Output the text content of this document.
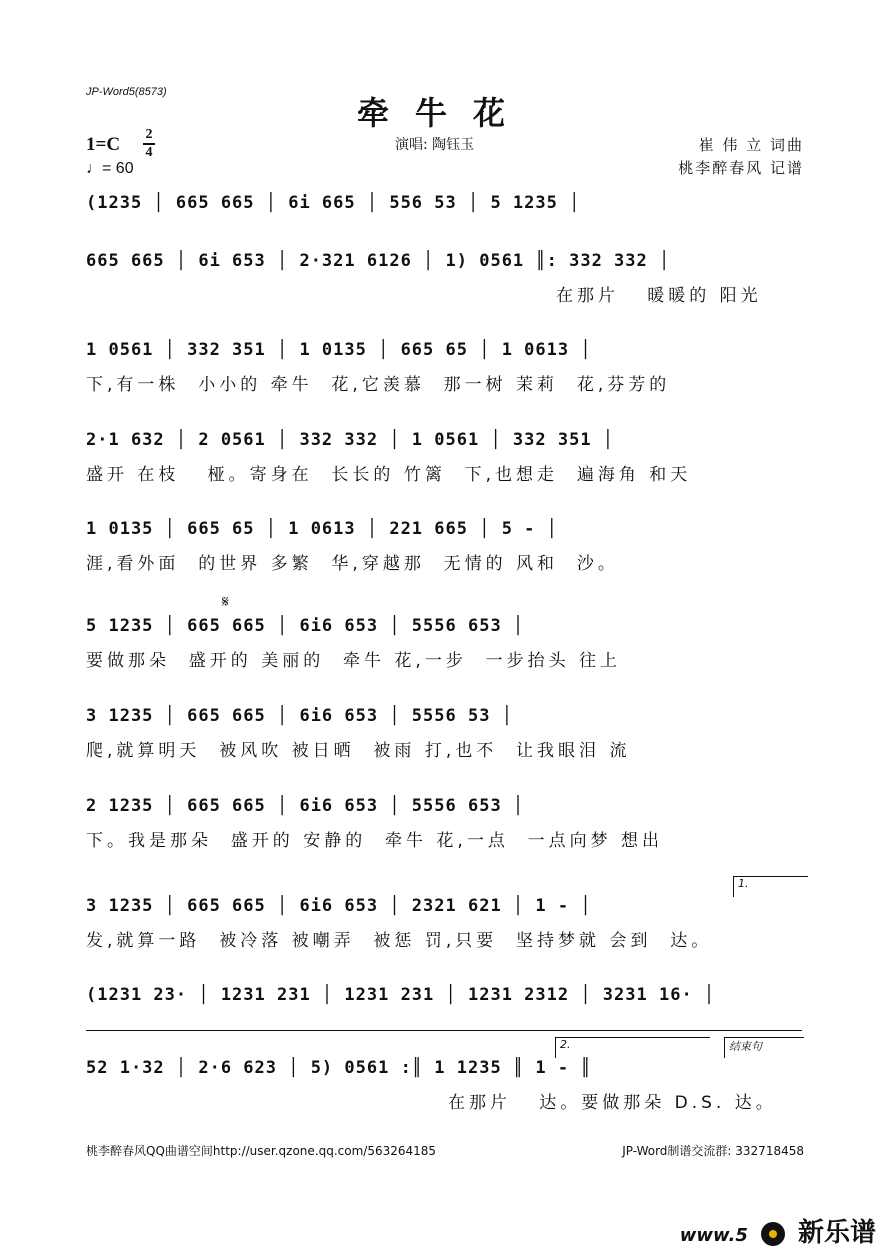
JP-Word5(8573)
牵牛花
1=C 2
4
♩= 60
演唱: 陶钰玉	崔 伟 立 词曲
桃李醉春风 记谱
(1235 │ 665 665 │ 6i 665 │ 556 53 │ 5 1235 │
665 665 │ 6i 653 │ 2·321 6126 │ 1) 0561 ║: 332 332 │
在那片   暖暖的 阳光
1 0561 │ 332 351 │ 1 0135 │ 665 65 │ 1 0613 │
下,有一株  小小的 牵牛  花,它羡慕  那一树 茉莉  花,芬芳的
2·1 632 │ 2 0561 │ 332 332 │ 1 0561 │ 332 351 │
盛开 在枝   桠。寄身在  长长的 竹篱  下,也想走  遍海角 和天
1 0135 │ 665 65 │ 1 0613 │ 221 665 │ 5 - │
涯,看外面  的世界 多繁  华,穿越那  无情的 风和  沙。
𝄋
5 1235 │ 665 665 │ 6i6 653 │ 5556 653 │
要做那朵  盛开的 美丽的  牵牛 花,一步  一步抬头 往上
3 1235 │ 665 665 │ 6i6 653 │ 5556 53 │
爬,就算明天  被风吹 被日晒  被雨 打,也不  让我眼泪 流
2 1235 │ 665 665 │ 6i6 653 │ 5556 653 │
下。我是那朵  盛开的 安静的  牵牛 花,一点  一点向梦 想出
1.
3 1235 │ 665 665 │ 6i6 653 │ 2321 621 │ 1 - │
发,就算一路  被冷落 被嘲弄  被惩 罚,只要  坚持梦就 会到  达。
(1231 23· │ 1231 231 │ 1231 231 │ 1231 2312 │ 3231 16· │
2.	结束句
52 1·32 │ 2·6 623 │ 5) 0561 :║ 1 1235 ║ 1 - ║
在那片   达。要做那朵 D.S. 达。
桃李醉春风QQ曲谱空间http://user.qzone.qq.com/563264185	JP-Word制谱交流群: 332718458
www.5 新乐谱
